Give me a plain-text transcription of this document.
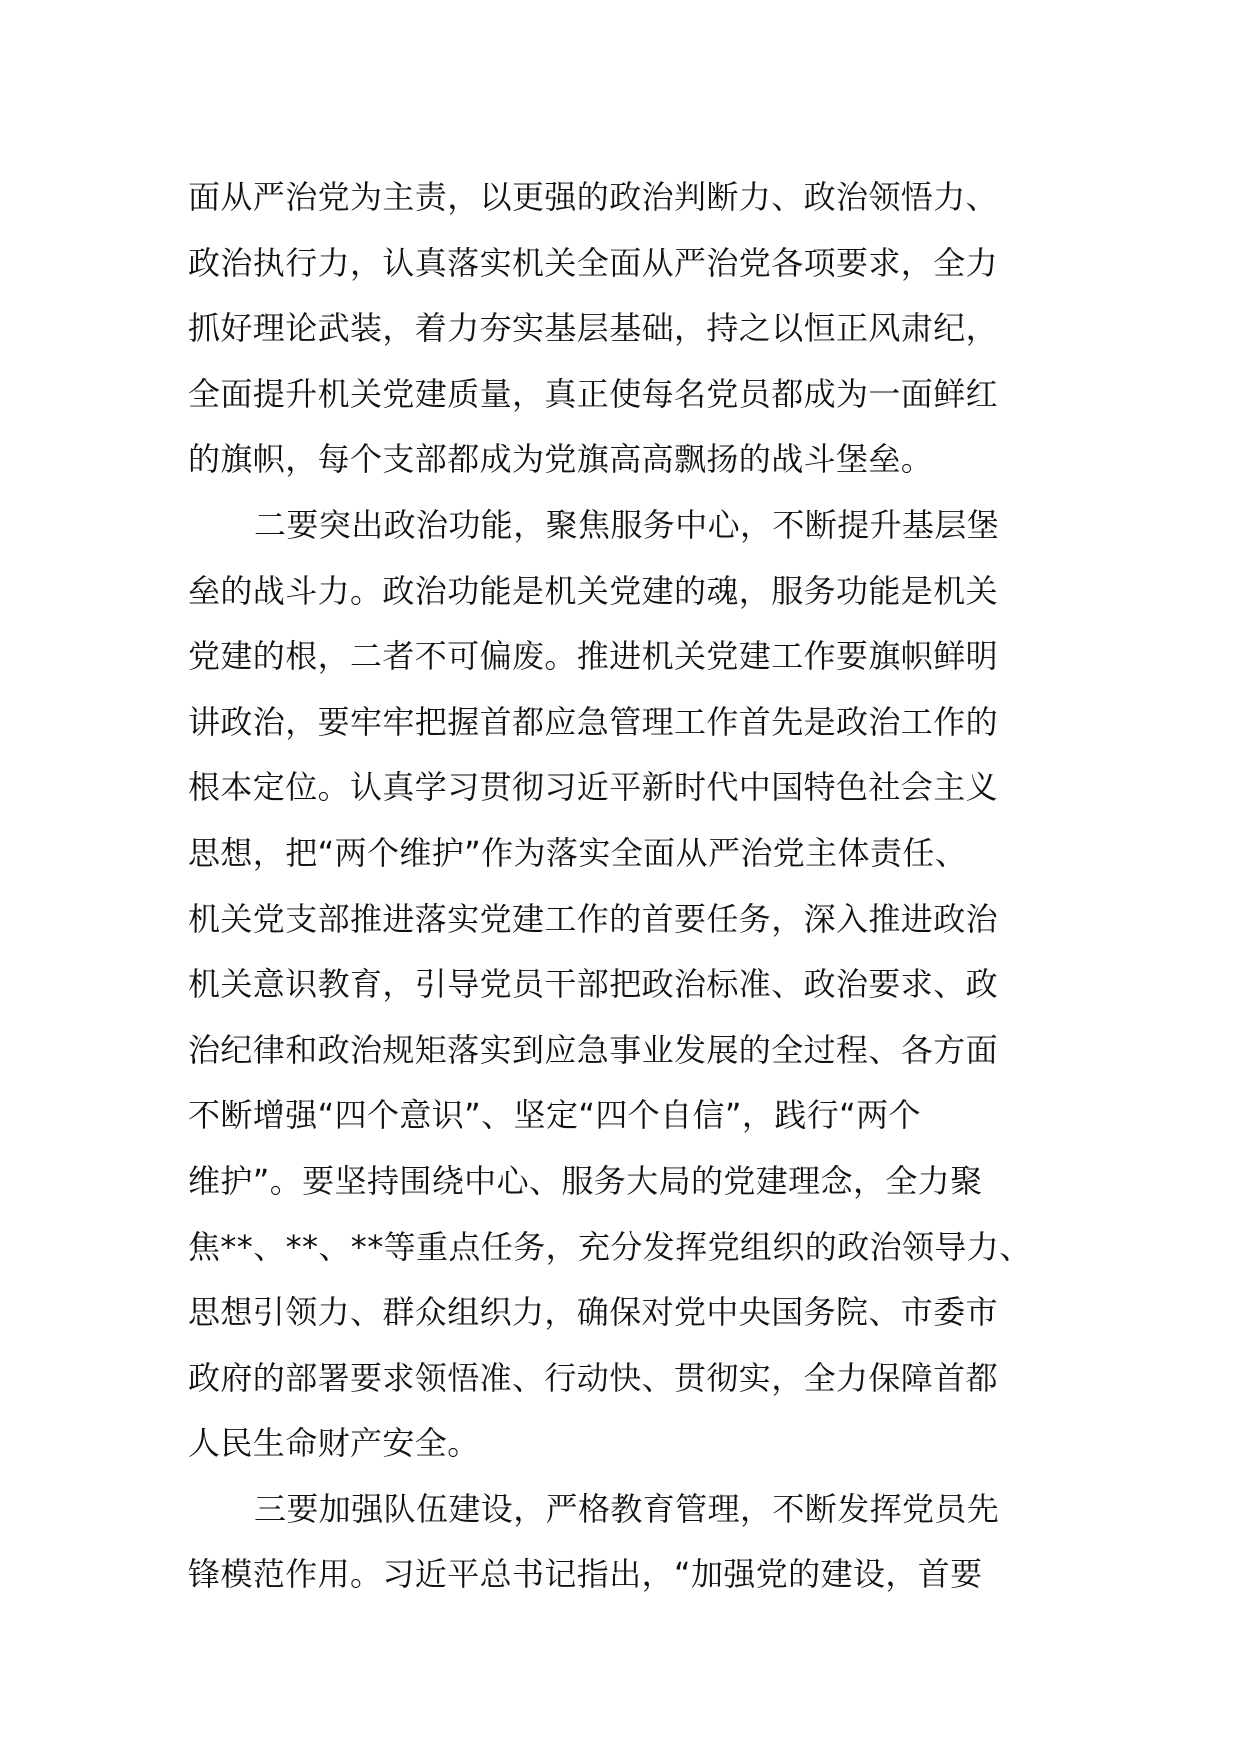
面从严治党为主责，以更强的政治判断力、政治领悟力、
政治执行力，认真落实机关全面从严治党各项要求，全力
抓好理论武装，着力夯实基层基础，持之以恒正风肃纪，
全面提升机关党建质量，真正使每名党员都成为一面鲜红
的旗帜，每个支部都成为党旗高高飘扬的战斗堡垒。
二要突出政治功能，聚焦服务中心，不断提升基层堡
垒的战斗力。政治功能是机关党建的魂，服务功能是机关
党建的根，二者不可偏废。推进机关党建工作要旗帜鲜明
讲政治，要牢牢把握首都应急管理工作首先是政治工作的
根本定位。认真学习贯彻习近平新时代中国特色社会主义
思想，把“两个维护”作为落实全面从严治党主体责任、
机关党支部推进落实党建工作的首要任务，深入推进政治
机关意识教育，引导党员干部把政治标准、政治要求、政
治纪律和政治规矩落实到应急事业发展的全过程、各方面
不断增强“四个意识”、坚定“四个自信”，践行“两个
维护”。要坚持围绕中心、服务大局的党建理念，全力聚
焦**、**、**等重点任务，充分发挥党组织的政治领导力、
思想引领力、群众组织力，确保对党中央国务院、市委市
政府的部署要求领悟准、行动快、贯彻实，全力保障首都
人民生命财产安全。
三要加强队伍建设，严格教育管理，不断发挥党员先
锋模范作用。习近平总书记指出，“加强党的建设，首要
